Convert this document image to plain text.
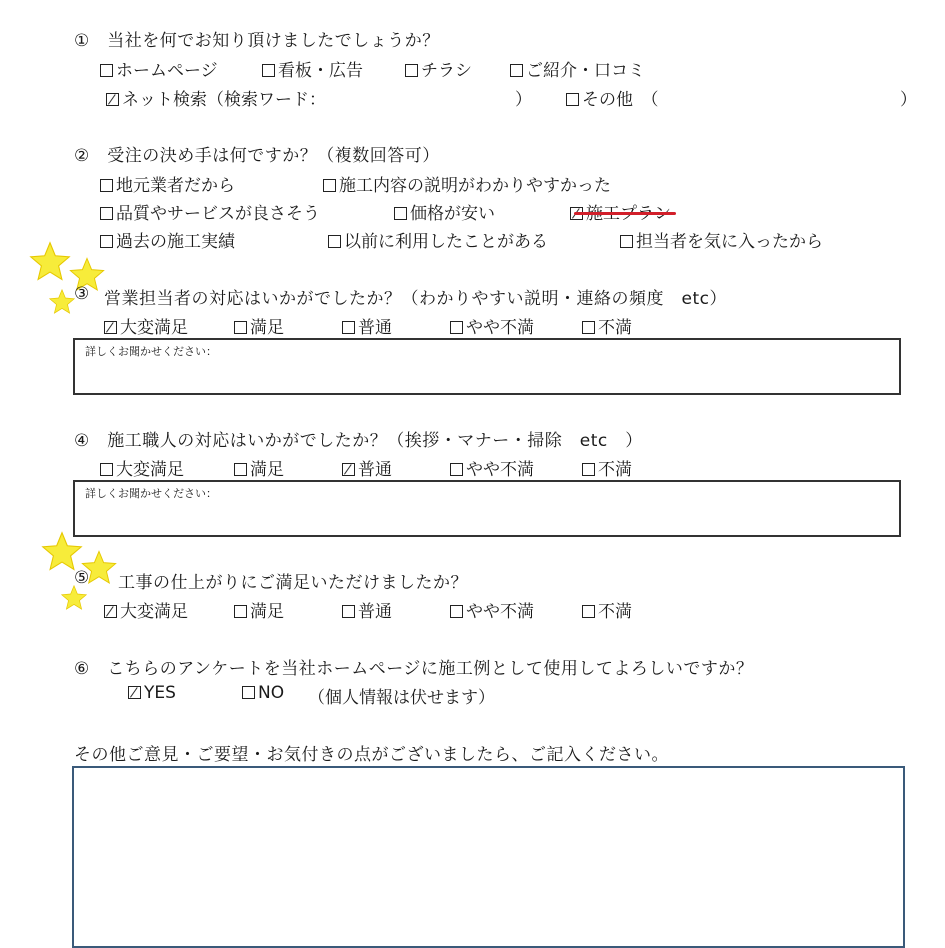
①　当社を何でお知り頂けましたでしょうか？
ホームページ	看板・広告	チラシ	ご紹介・口コミ
ネット検索（検索ワード：	）	その他　（	）
②　受注の決め手は何ですか？（複数回答可）
地元業者だから	施工内容の説明がわかりやすかった
品質やサービスが良さそう	価格が安い
過去の施工実績	以前に利用したことがある	担当者を気に入ったから
③ 営業担当者の対応はいかがでしたか？（わかりやすい説明・連絡の頻度　etc）
大変満足	満足	普通	やや不満	不満
詳しくお聞かせください：
④　施工職人の対応はいかがでしたか？（挨拶・マナー・掃除　etc　）
大変満足	満足	普通	やや不満	不満
詳しくお聞かせください：
⑤ 工事の仕上がりにご満足いただけましたか？
大変満足	満足	普通	やや不満	不満
⑥　こちらのアンケートを当社ホームページに施工例として使用してよろしいですか？
YES	NO （個人情報は伏せます）
その他ご意見・ご要望・お気付きの点がございましたら、ご記入ください。
